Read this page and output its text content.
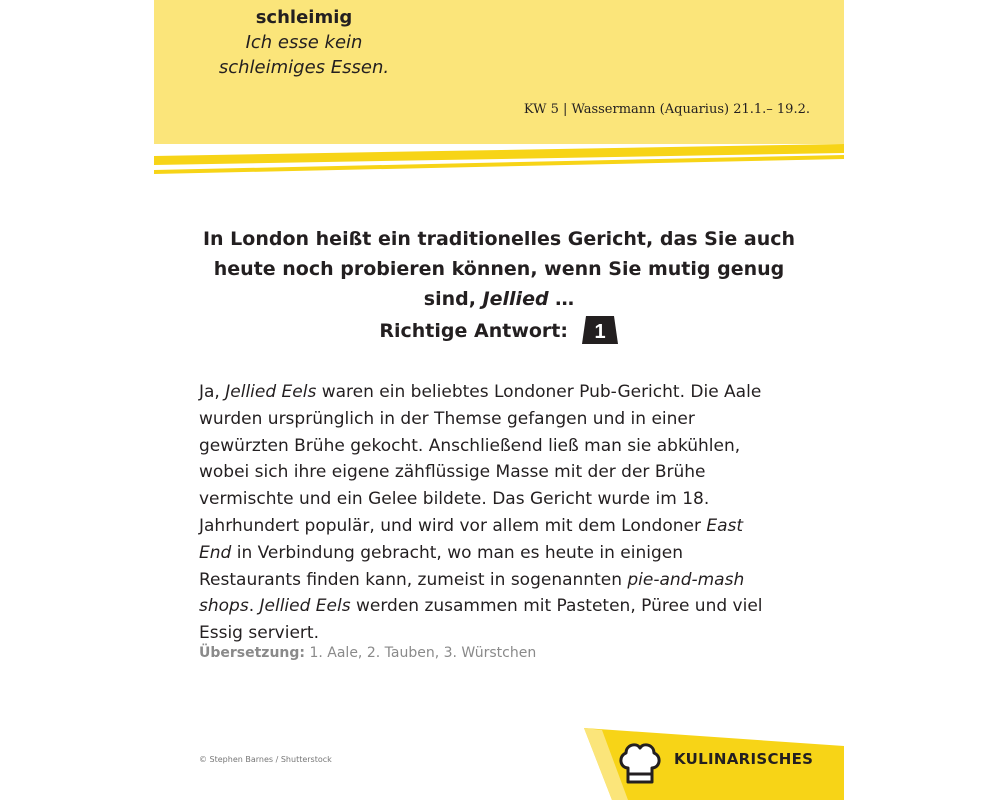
schleimig
Ich esse kein schleimiges Essen.
KW 5 | Wassermann (Aquarius) 21.1.– 19.2.
In London heißt ein traditionelles Gericht, das Sie auch heute noch probieren können, wenn Sie mutig genug sind, Jellied …
Richtige Antwort: 1
Ja, Jellied Eels waren ein beliebtes Londoner Pub-Gericht. Die Aale wurden ursprünglich in der Themse gefangen und in einer gewürzten Brühe gekocht. Anschließend ließ man sie abkühlen, wobei sich ihre eigene zähflüssige Masse mit der der Brühe vermischte und ein Gelee bildete. Das Gericht wurde im 18. Jahrhundert populär, und wird vor allem mit dem Londoner East End in Verbindung gebracht, wo man es heute in einigen Restaurants finden kann, zumeist in sogenannten pie-and-mash shops. Jellied Eels werden zusammen mit Pasteten, Püree und viel Essig serviert.
Übersetzung: 1. Aale, 2. Tauben, 3. Würstchen
© Stephen Barnes / Shutterstock	KULINARISCHES
